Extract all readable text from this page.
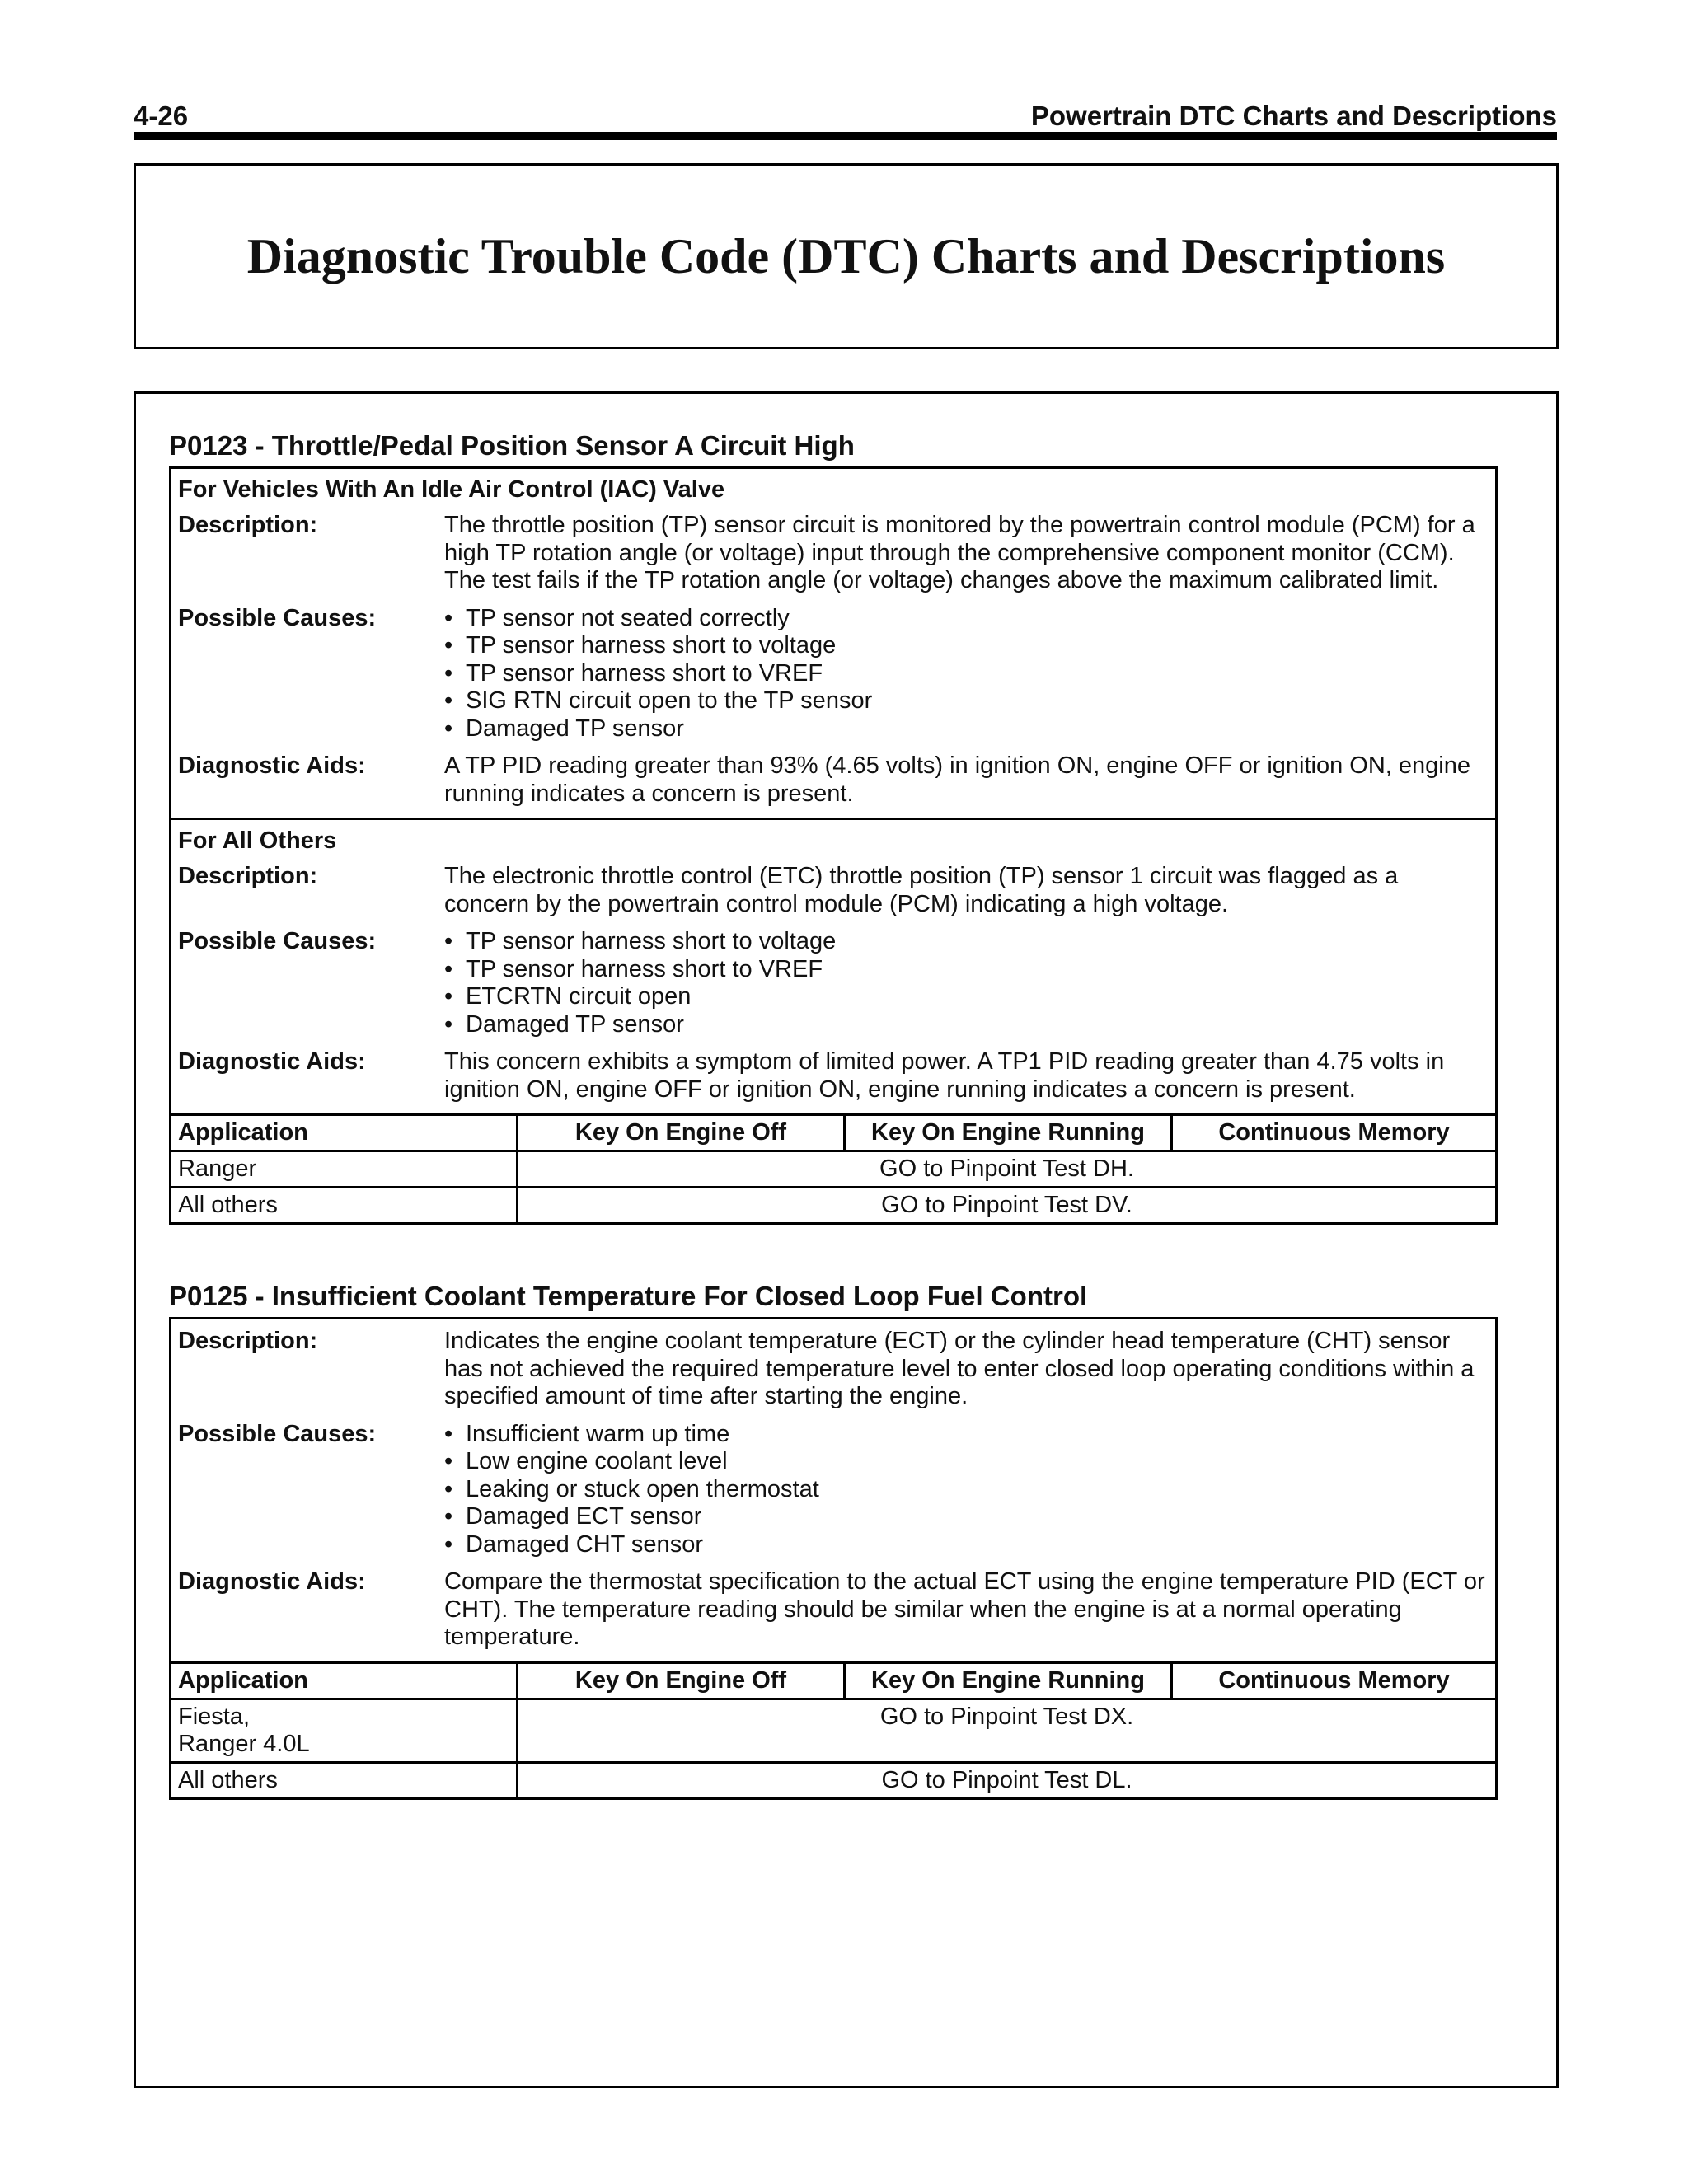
4-26	Powertrain DTC Charts and Descriptions
Diagnostic Trouble Code (DTC) Charts and Descriptions
P0123 - Throttle/Pedal Position Sensor A Circuit High
For Vehicles With An Idle Air Control (IAC) Valve
Description:	The throttle position (TP) sensor circuit is monitored by the powertrain control module (PCM) for a high TP rotation angle (or voltage) input through the comprehensive component monitor (CCM). The test fails if the TP rotation angle (or voltage) changes above the maximum calibrated limit.
Possible Causes:	• TP sensor not seated correctly
• TP sensor harness short to voltage
• TP sensor harness short to VREF
• SIG RTN circuit open to the TP sensor
• Damaged TP sensor
Diagnostic Aids:	A TP PID reading greater than 93% (4.65 volts) in ignition ON, engine OFF or ignition ON, engine running indicates a concern is present.
For All Others
Description:	The electronic throttle control (ETC) throttle position (TP) sensor 1 circuit was flagged as a concern by the powertrain control module (PCM) indicating a high voltage.
Possible Causes:	• TP sensor harness short to voltage
• TP sensor harness short to VREF
• ETCRTN circuit open
• Damaged TP sensor
Diagnostic Aids:	This concern exhibits a symptom of limited power. A TP1 PID reading greater than 4.75 volts in ignition ON, engine OFF or ignition ON, engine running indicates a concern is present.
Application	Key On Engine Off	Key On Engine Running	Continuous Memory
Ranger	GO to Pinpoint Test DH.		
All others	GO to Pinpoint Test DV.		
P0125 - Insufficient Coolant Temperature For Closed Loop Fuel Control
Description:	Indicates the engine coolant temperature (ECT) or the cylinder head temperature (CHT) sensor has not achieved the required temperature level to enter closed loop operating conditions within a specified amount of time after starting the engine.
Possible Causes:	• Insufficient warm up time
• Low engine coolant level
• Leaking or stuck open thermostat
• Damaged ECT sensor
• Damaged CHT sensor
Diagnostic Aids:	Compare the thermostat specification to the actual ECT using the engine temperature PID (ECT or CHT). The temperature reading should be similar when the engine is at a normal operating temperature.
Application	Key On Engine Off	Key On Engine Running	Continuous Memory

Fiesta,
Ranger 4.0L	GO to Pinpoint Test DX.		
All others	GO to Pinpoint Test DL.		
